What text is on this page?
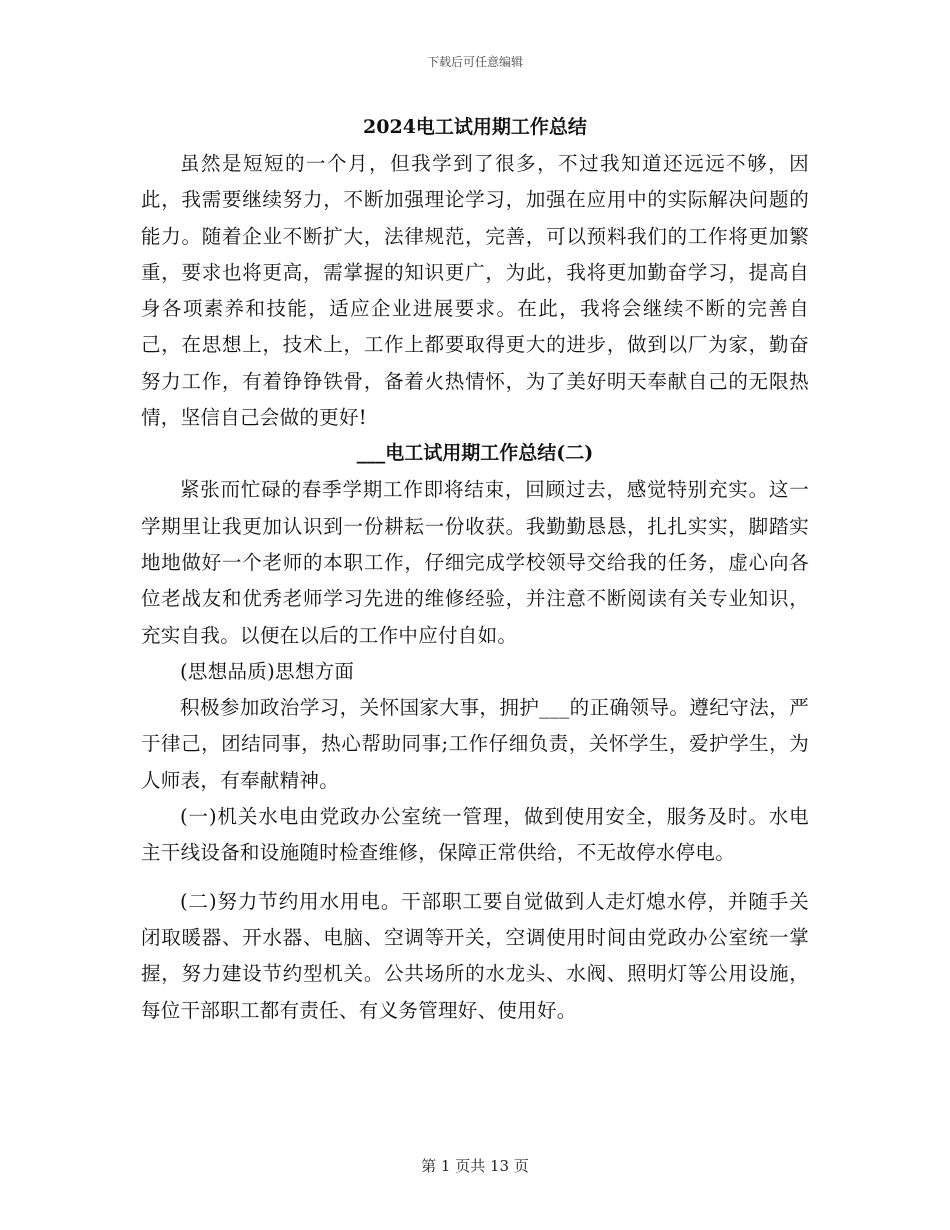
下载后可任意编辑
2024电工试用期工作总结

虽然是短短的一个月，但我学到了很多，不过我知道还远远不够，因此，我需要继续努力，不断加强理论学习，加强在应用中的实际解决问题的能力。随着企业不断扩大，法律规范，完善，可以预料我们的工作将更加繁重，要求也将更高，需掌握的知识更广，为此，我将更加勤奋学习，提高自身各项素养和技能，适应企业进展要求。在此，我将会继续不断的完善自己，在思想上，技术上，工作上都要取得更大的进步，做到以厂为家，勤奋努力工作，有着铮铮铁骨，备着火热情怀，为了美好明天奉献自己的无限热情，坚信自己会做的更好!

___电工试用期工作总结(二)

紧张而忙碌的春季学期工作即将结束，回顾过去，感觉特别充实。这一学期里让我更加认识到一份耕耘一份收获。我勤勤恳恳，扎扎实实，脚踏实地地做好一个老师的本职工作，仔细完成学校领导交给我的任务，虚心向各位老战友和优秀老师学习先进的维修经验，并注意不断阅读有关专业知识，充实自我。以便在以后的工作中应付自如。

(思想品质)思想方面

积极参加政治学习，关怀国家大事，拥护___的正确领导。遵纪守法，严于律己，团结同事，热心帮助同事;工作仔细负责，关怀学生，爱护学生，为人师表，有奉献精神。

(一)机关水电由党政办公室统一管理，做到使用安全，服务及时。水电主干线设备和设施随时检查维修，保障正常供给，不无故停水停电。

(二)努力节约用水用电。干部职工要自觉做到人走灯熄水停，并随手关闭取暖器、开水器、电脑、空调等开关，空调使用时间由党政办公室统一掌握，努力建设节约型机关。公共场所的水龙头、水阀、照明灯等公用设施，每位干部职工都有责任、有义务管理好、使用好。

第 1 页共 13 页
